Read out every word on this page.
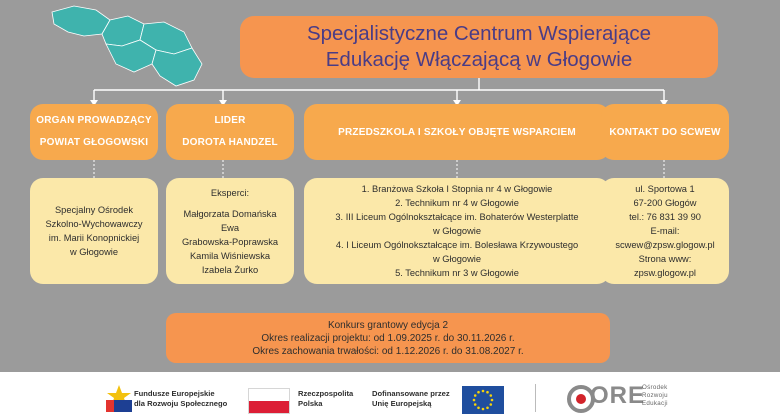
Specjalistyczne Centrum Wspierające
Edukację Włączającą w Głogowie
ORGAN PROWADZĄCY
POWIAT GŁOGOWSKI
LIDER
DOROTA HANDZEL
PRZEDSZKOLA I SZKOŁY OBJĘTE WSPARCIEM	KONTAKT DO SCWEW
Specjalny Ośrodek
Szkolno-Wychowawczy
im. Marii Konopnickiej
w Głogowie
Eksperci:
Małgorzata Domańska
Ewa
Grabowska-Poprawska
Kamila Wiśniewska
Izabela Żurko
1. Branżowa Szkoła I Stopnia nr 4 w Głogowie
2. Technikum nr 4 w Głogowie
3. III Liceum Ogólnokształcące im. Bohaterów Westerplatte
w Głogowie
4. I Liceum Ogólnokształcące im. Bolesława Krzywoustego
w Głogowie
5. Technikum nr 3 w Głogowie
ul. Sportowa 1
67-200 Głogów
tel.: 76 831 39 90
E-mail:
scwew@zpsw.glogow.pl
Strona www:
zpsw.glogow.pl
Konkurs grantowy edycja 2
Okres realizacji projektu: od 1.09.2025 r. do 30.11.2026 r.
Okres zachowania trwałości: od 1.12.2026 r. do 31.08.2027 r.
Fundusze Europejskie
dla Rozwoju Społecznego
Rzeczpospolita
Polska
Dofinansowane przez
Unię Europejską	ORE
Ośrodek
Rozwoju
Edukacji
